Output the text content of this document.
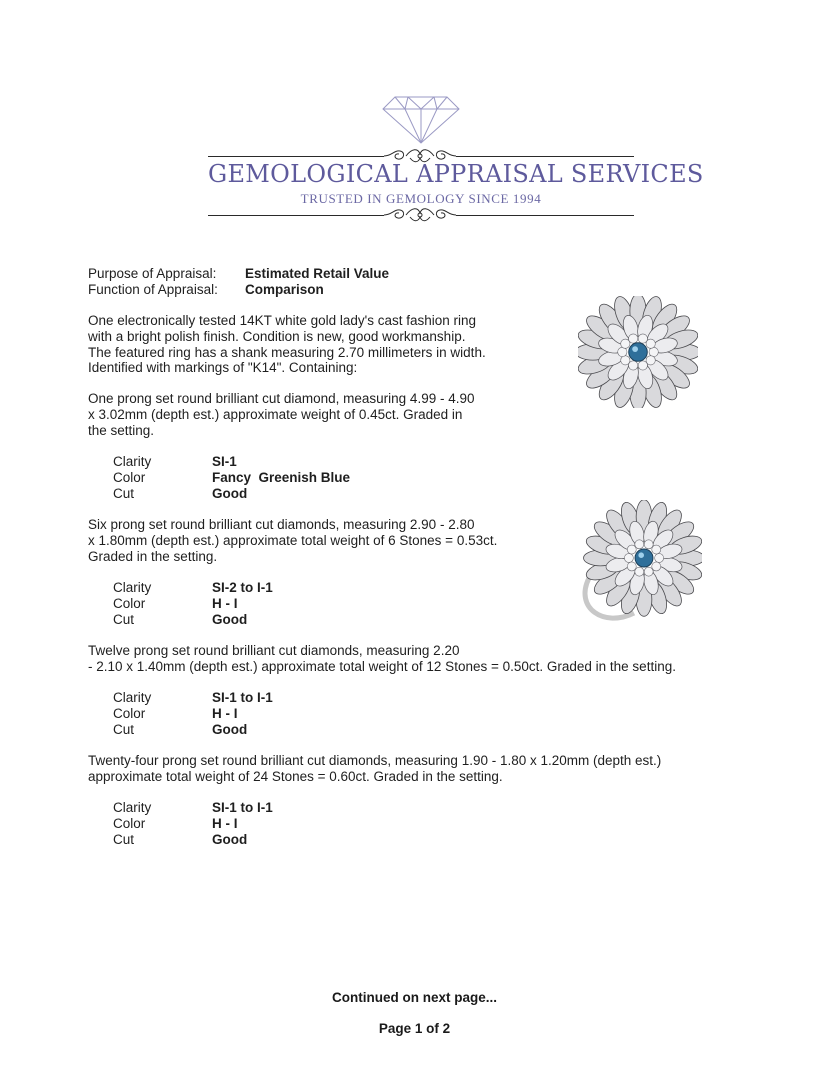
GEMOLOGICAL APPRAISAL SERVICES
TRUSTED IN GEMOLOGY SINCE 1994
Purpose of Appraisal: Estimated Retail Value
Function of Appraisal: Comparison
One electronically tested 14KT white gold lady's cast fashion ring
with a bright polish finish. Condition is new, good workmanship.
The featured ring has a shank measuring 2.70 millimeters in width.
Identified with markings of "K14". Containing:
One prong set round brilliant cut diamond, measuring 4.99 - 4.90
x 3.02mm (depth est.) approximate weight of 0.45ct. Graded in
the setting.
Clarity	SI-1
Color	Fancy  Greenish Blue
Cut	Good
Six prong set round brilliant cut diamonds, measuring 2.90 - 2.80
x 1.80mm (depth est.) approximate total weight of 6 Stones = 0.53ct.
Graded in the setting.
Clarity	SI-2 to I-1
Color	H - I
Cut	Good
Twelve prong set round brilliant cut diamonds, measuring 2.20
- 2.10 x 1.40mm (depth est.) approximate total weight of 12 Stones = 0.50ct. Graded in the setting.
Clarity	SI-1 to I-1
Color	H - I
Cut	Good
Twenty-four prong set round brilliant cut diamonds, measuring 1.90 - 1.80 x 1.20mm (depth est.)
approximate total weight of 24 Stones = 0.60ct. Graded in the setting.
Clarity	SI-1 to I-1
Color	H - I
Cut	Good
Continued on next page...
Page 1 of 2
